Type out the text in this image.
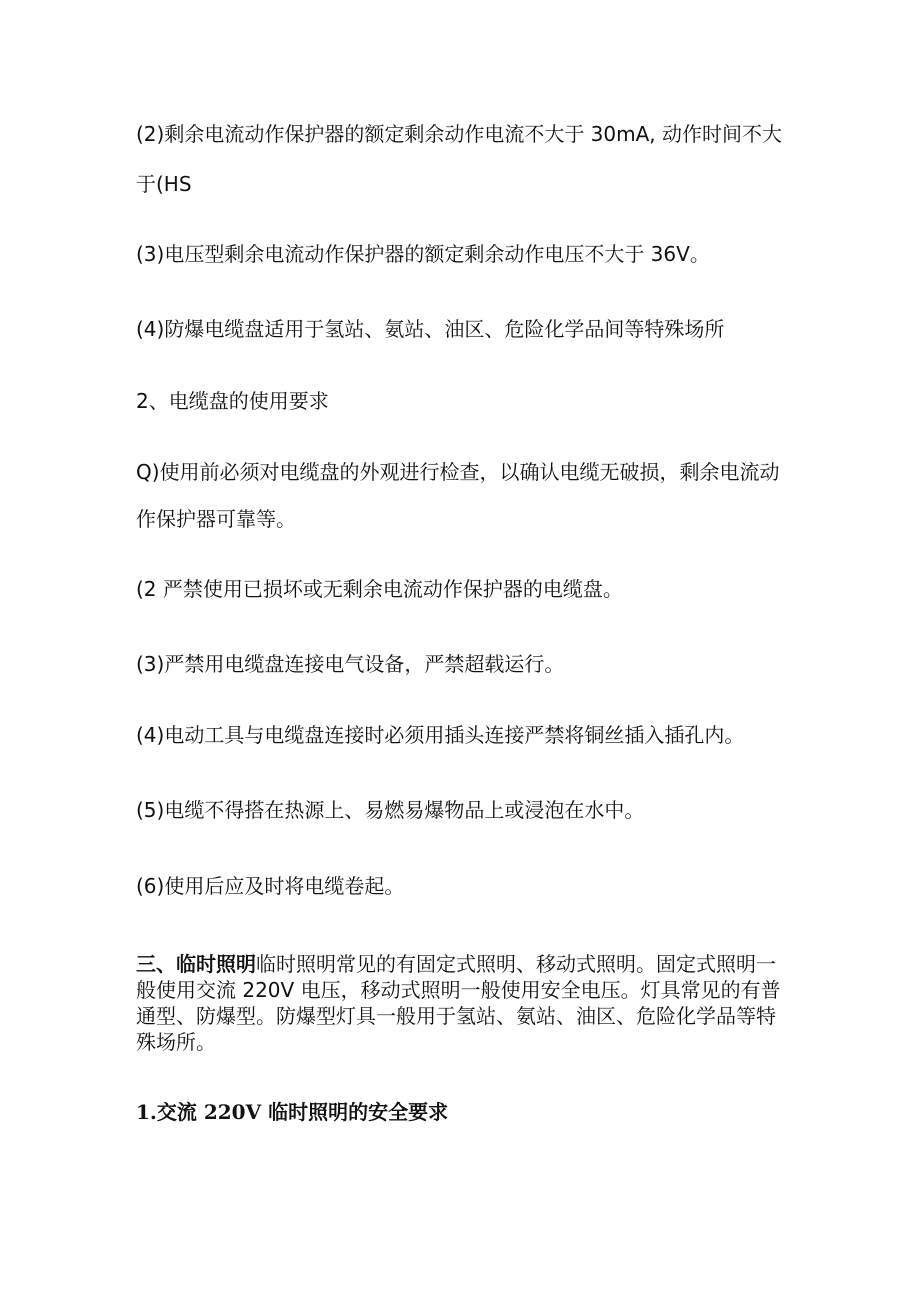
(2)剩余电流动作保护器的额定剩余动作电流不大于 30mA, 动作时间不大
于(HS
(3)电压型剩余电流动作保护器的额定剩余动作电压不大于 36V。
(4)防爆电缆盘适用于氢站、氨站、油区、危险化学品间等特殊场所
2、电缆盘的使用要求
Q)使用前必须对电缆盘的外观进行检查，以确认电缆无破损，剩余电流动
作保护器可靠等。
(2 严禁使用已损坏或无剩余电流动作保护器的电缆盘。
(3)严禁用电缆盘连接电气设备，严禁超载运行。
(4)电动工具与电缆盘连接时必须用插头连接严禁将铜丝插入插孔内。
(5)电缆不得搭在热源上、易燃易爆物品上或浸泡在水中。
(6)使用后应及时将电缆卷起。
三、临时照明临时照明常见的有固定式照明、移动式照明。固定式照明一
般使用交流 220V 电压，移动式照明一般使用安全电压。灯具常见的有普
通型、防爆型。防爆型灯具一般用于氢站、氨站、油区、危险化学品等特
殊场所。
1.交流 220V 临时照明的安全要求
